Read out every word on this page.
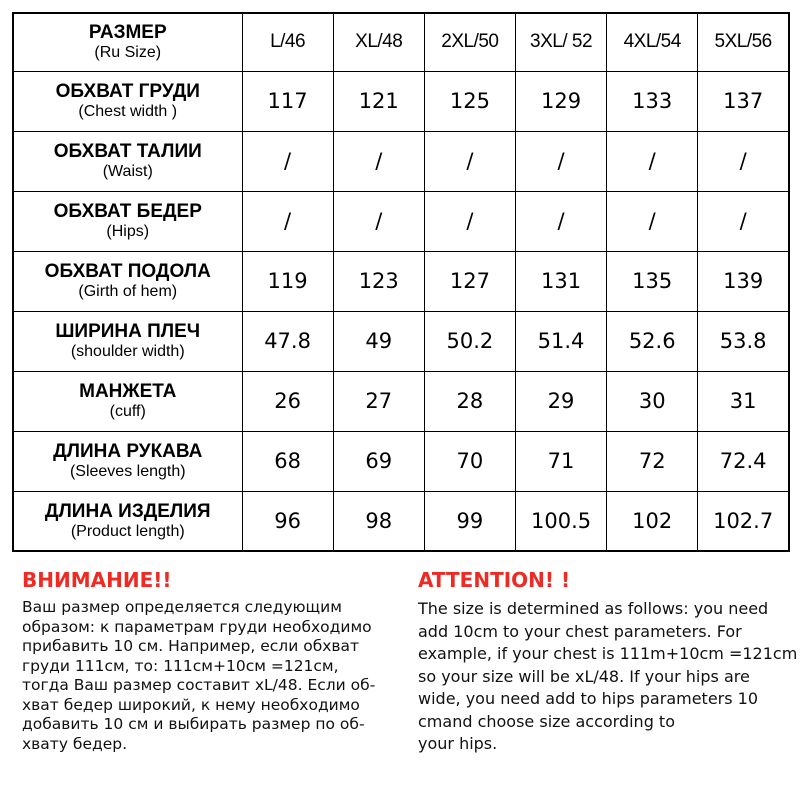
РАЗМЕР
(Ru Size)	L/46	XL/48	2XL/50	3XL/ 52	4XL/54	5XL/56

ОБХВАТ ГРУДИ
(Chest width )	117	121	125	129	133	137

ОБХВАТ ТАЛИИ
(Waist)	/	/	/	/	/	/

ОБХВАТ БЕДЕР
(Hips)	/	/	/	/	/	/

ОБХВАТ ПОДОЛА
(Girth of hem)	119	123	127	131	135	139

ШИРИНА ПЛЕЧ
(shoulder width)	47.8	49	50.2	51.4	52.6	53.8

МАНЖЕТА
(cuff)	26	27	28	29	30	31

ДЛИНА РУКАВА
(Sleeves length)	68	69	70	71	72	72.4

ДЛИНА ИЗДЕЛИЯ
(Product length)	96	98	99	100.5	102	102.7
ВНИМАНИЕ!!
Ваш размер определяется следующим
образом: к параметрам груди необходимо
прибавить 10 см. Например, если обхват
груди 111см, то: 111см+10см =121см,
тогда Ваш размер составит xL/48. Если об-
хват бедер широкий, к нему необходимо
добавить 10 см и выбирать размер по об-
хвату бедер.
ATTENTION! !
The size is determined as follows: you need
add 10cm to your chest parameters. For
example, if your chest is 111m+10cm =121cm
so your size will be xL/48. If your hips are
wide, you need add to hips parameters 10
cmand choose size according to
your hips.
